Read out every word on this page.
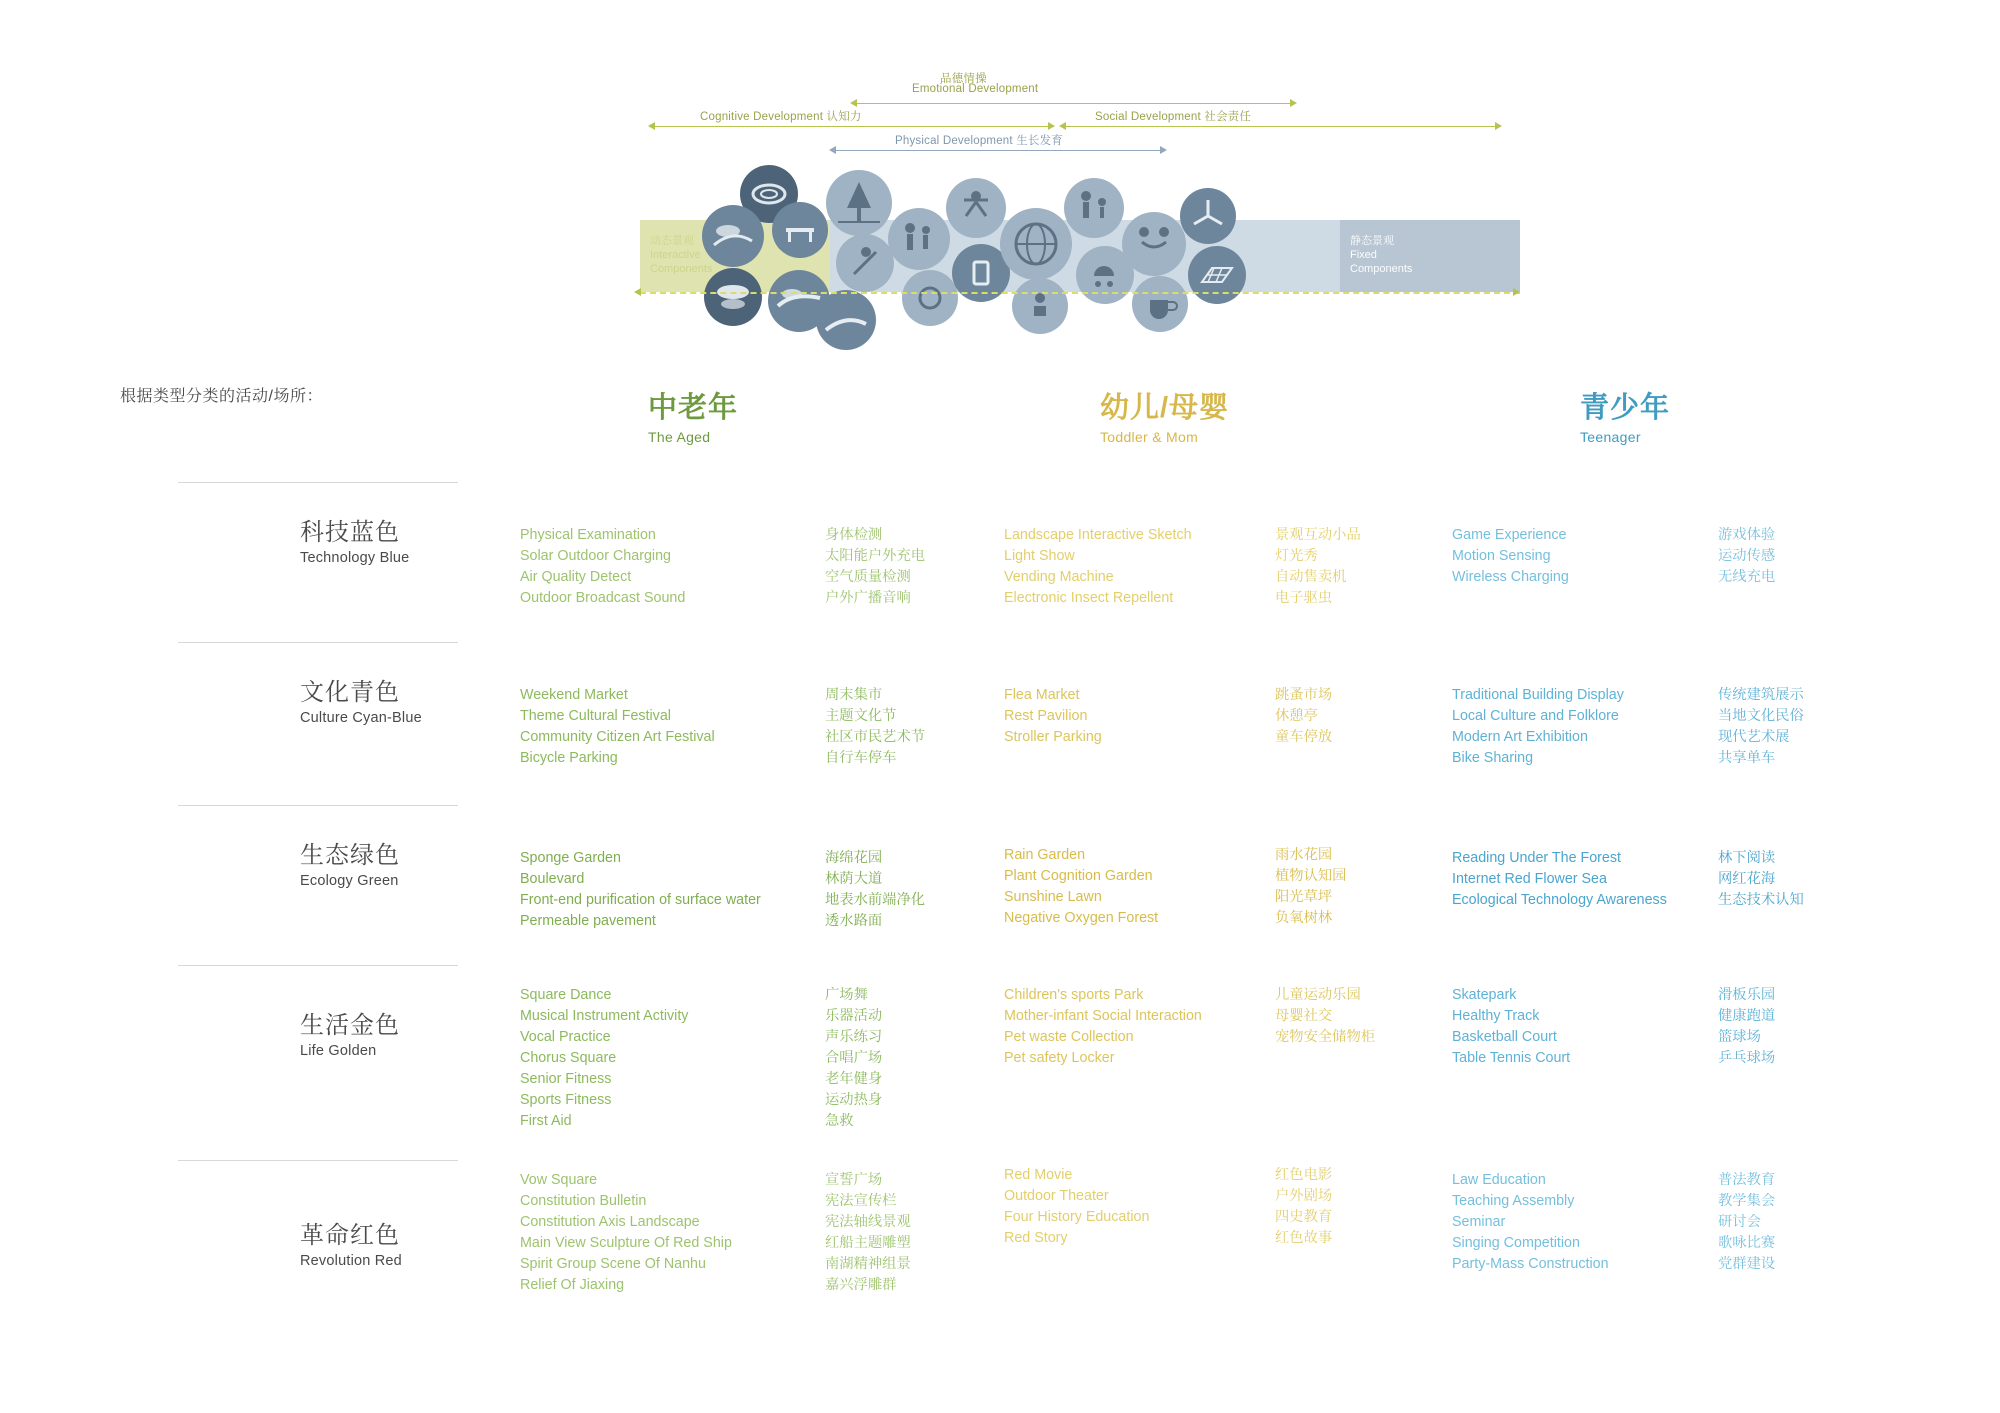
品德情操
Emotional Development
Cognitive Development 认知力	Social Development 社会责任
Physical Development 生长发育
动态景观
Interactive
Components
静态景观
Fixed
Components
根据类型分类的活动/场所：	中老年
The Aged
幼儿/母婴
Toddler & Mom
青少年
Teenager
科技蓝色
Technology Blue
Physical Examination
Solar Outdoor Charging
Air Quality Detect
Outdoor Broadcast Sound
身体检测
太阳能户外充电
空气质量检测
户外广播音响
Landscape Interactive Sketch
Light Show
Vending Machine
Electronic Insect Repellent
景观互动小品
灯光秀
自动售卖机
电子驱虫
Game Experience
Motion Sensing
Wireless Charging
游戏体验
运动传感
无线充电
文化青色
Culture Cyan-Blue
Weekend Market
Theme Cultural Festival
Community Citizen Art Festival
Bicycle Parking
周末集市
主题文化节
社区市民艺术节
自行车停车
Flea Market
Rest Pavilion
Stroller Parking
跳蚤市场
休憩亭
童车停放
Traditional Building Display
Local Culture and Folklore
Modern Art Exhibition
Bike Sharing
传统建筑展示
当地文化民俗
现代艺术展
共享单车
生态绿色
Ecology Green
Sponge Garden
Boulevard
Front-end purification of surface water
Permeable pavement
海绵花园
林荫大道
地表水前端净化
透水路面
Rain Garden
Plant Cognition Garden
Sunshine Lawn
Negative Oxygen Forest
雨水花园
植物认知园
阳光草坪
负氧树林
Reading Under The Forest
Internet Red Flower Sea
Ecological Technology Awareness
林下阅读
网红花海
生态技术认知
生活金色
Life Golden
Square Dance
Musical Instrument Activity
Vocal Practice
Chorus Square
Senior Fitness
Sports Fitness
First Aid
广场舞
乐器活动
声乐练习
合唱广场
老年健身
运动热身
急救
Children's sports Park
Mother-infant Social Interaction
Pet waste Collection
Pet safety Locker
儿童运动乐园
母婴社交
宠物安全储物柜
Skatepark
Healthy Track
Basketball Court
Table Tennis Court
滑板乐园
健康跑道
篮球场
乒乓球场
革命红色
Revolution Red
Vow Square
Constitution Bulletin
Constitution Axis Landscape
Main View Sculpture Of Red Ship
Spirit Group Scene Of Nanhu
Relief Of Jiaxing
宣誓广场
宪法宣传栏
宪法轴线景观
红船主题雕塑
南湖精神组景
嘉兴浮雕群
Red Movie
Outdoor Theater
Four History Education
Red Story
红色电影
户外剧场
四史教育
红色故事
Law Education
Teaching Assembly
Seminar
Singing Competition
Party-Mass Construction
普法教育
教学集会
研讨会
歌咏比赛
党群建设
